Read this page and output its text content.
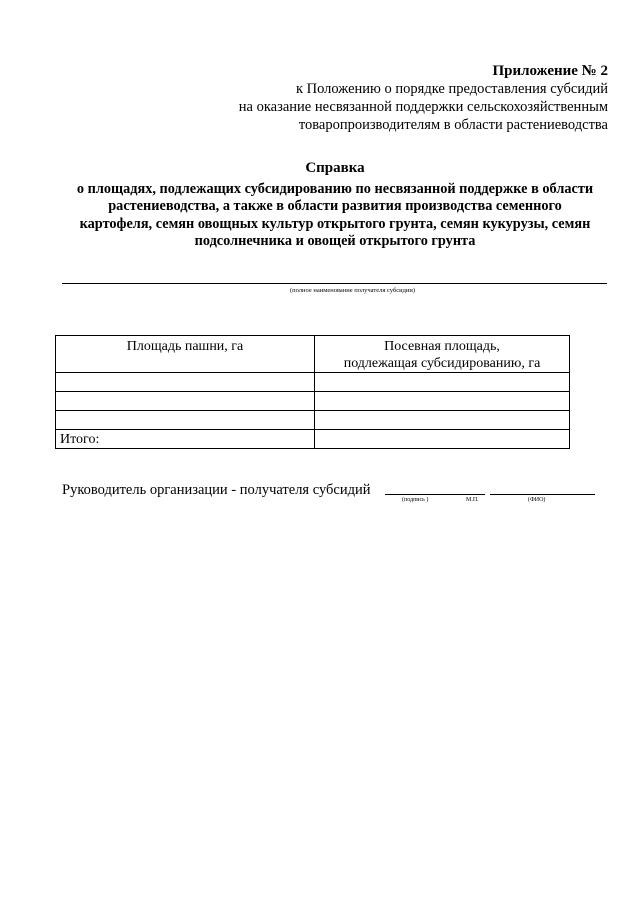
Приложение № 2
к Положению о порядке предоставления субсидий
на оказание несвязанной поддержки сельскохозяйственным
товаропроизводителям в области растениеводства
Справка
о площадях, подлежащих субсидированию по несвязанной поддержке в области
растениеводства, а также в области развития производства семенного
картофеля, семян овощных культур открытого грунта, семян кукурузы, семян
подсолнечника и овощей открытого грунта
(полное наименование получателя субсидии)
Площадь пашни, га	Посевная площадь,
подлежащая субсидированию, га

Итого:	
Руководитель организации - получателя субсидий
(подпись )	М.П.	(ФИО)
